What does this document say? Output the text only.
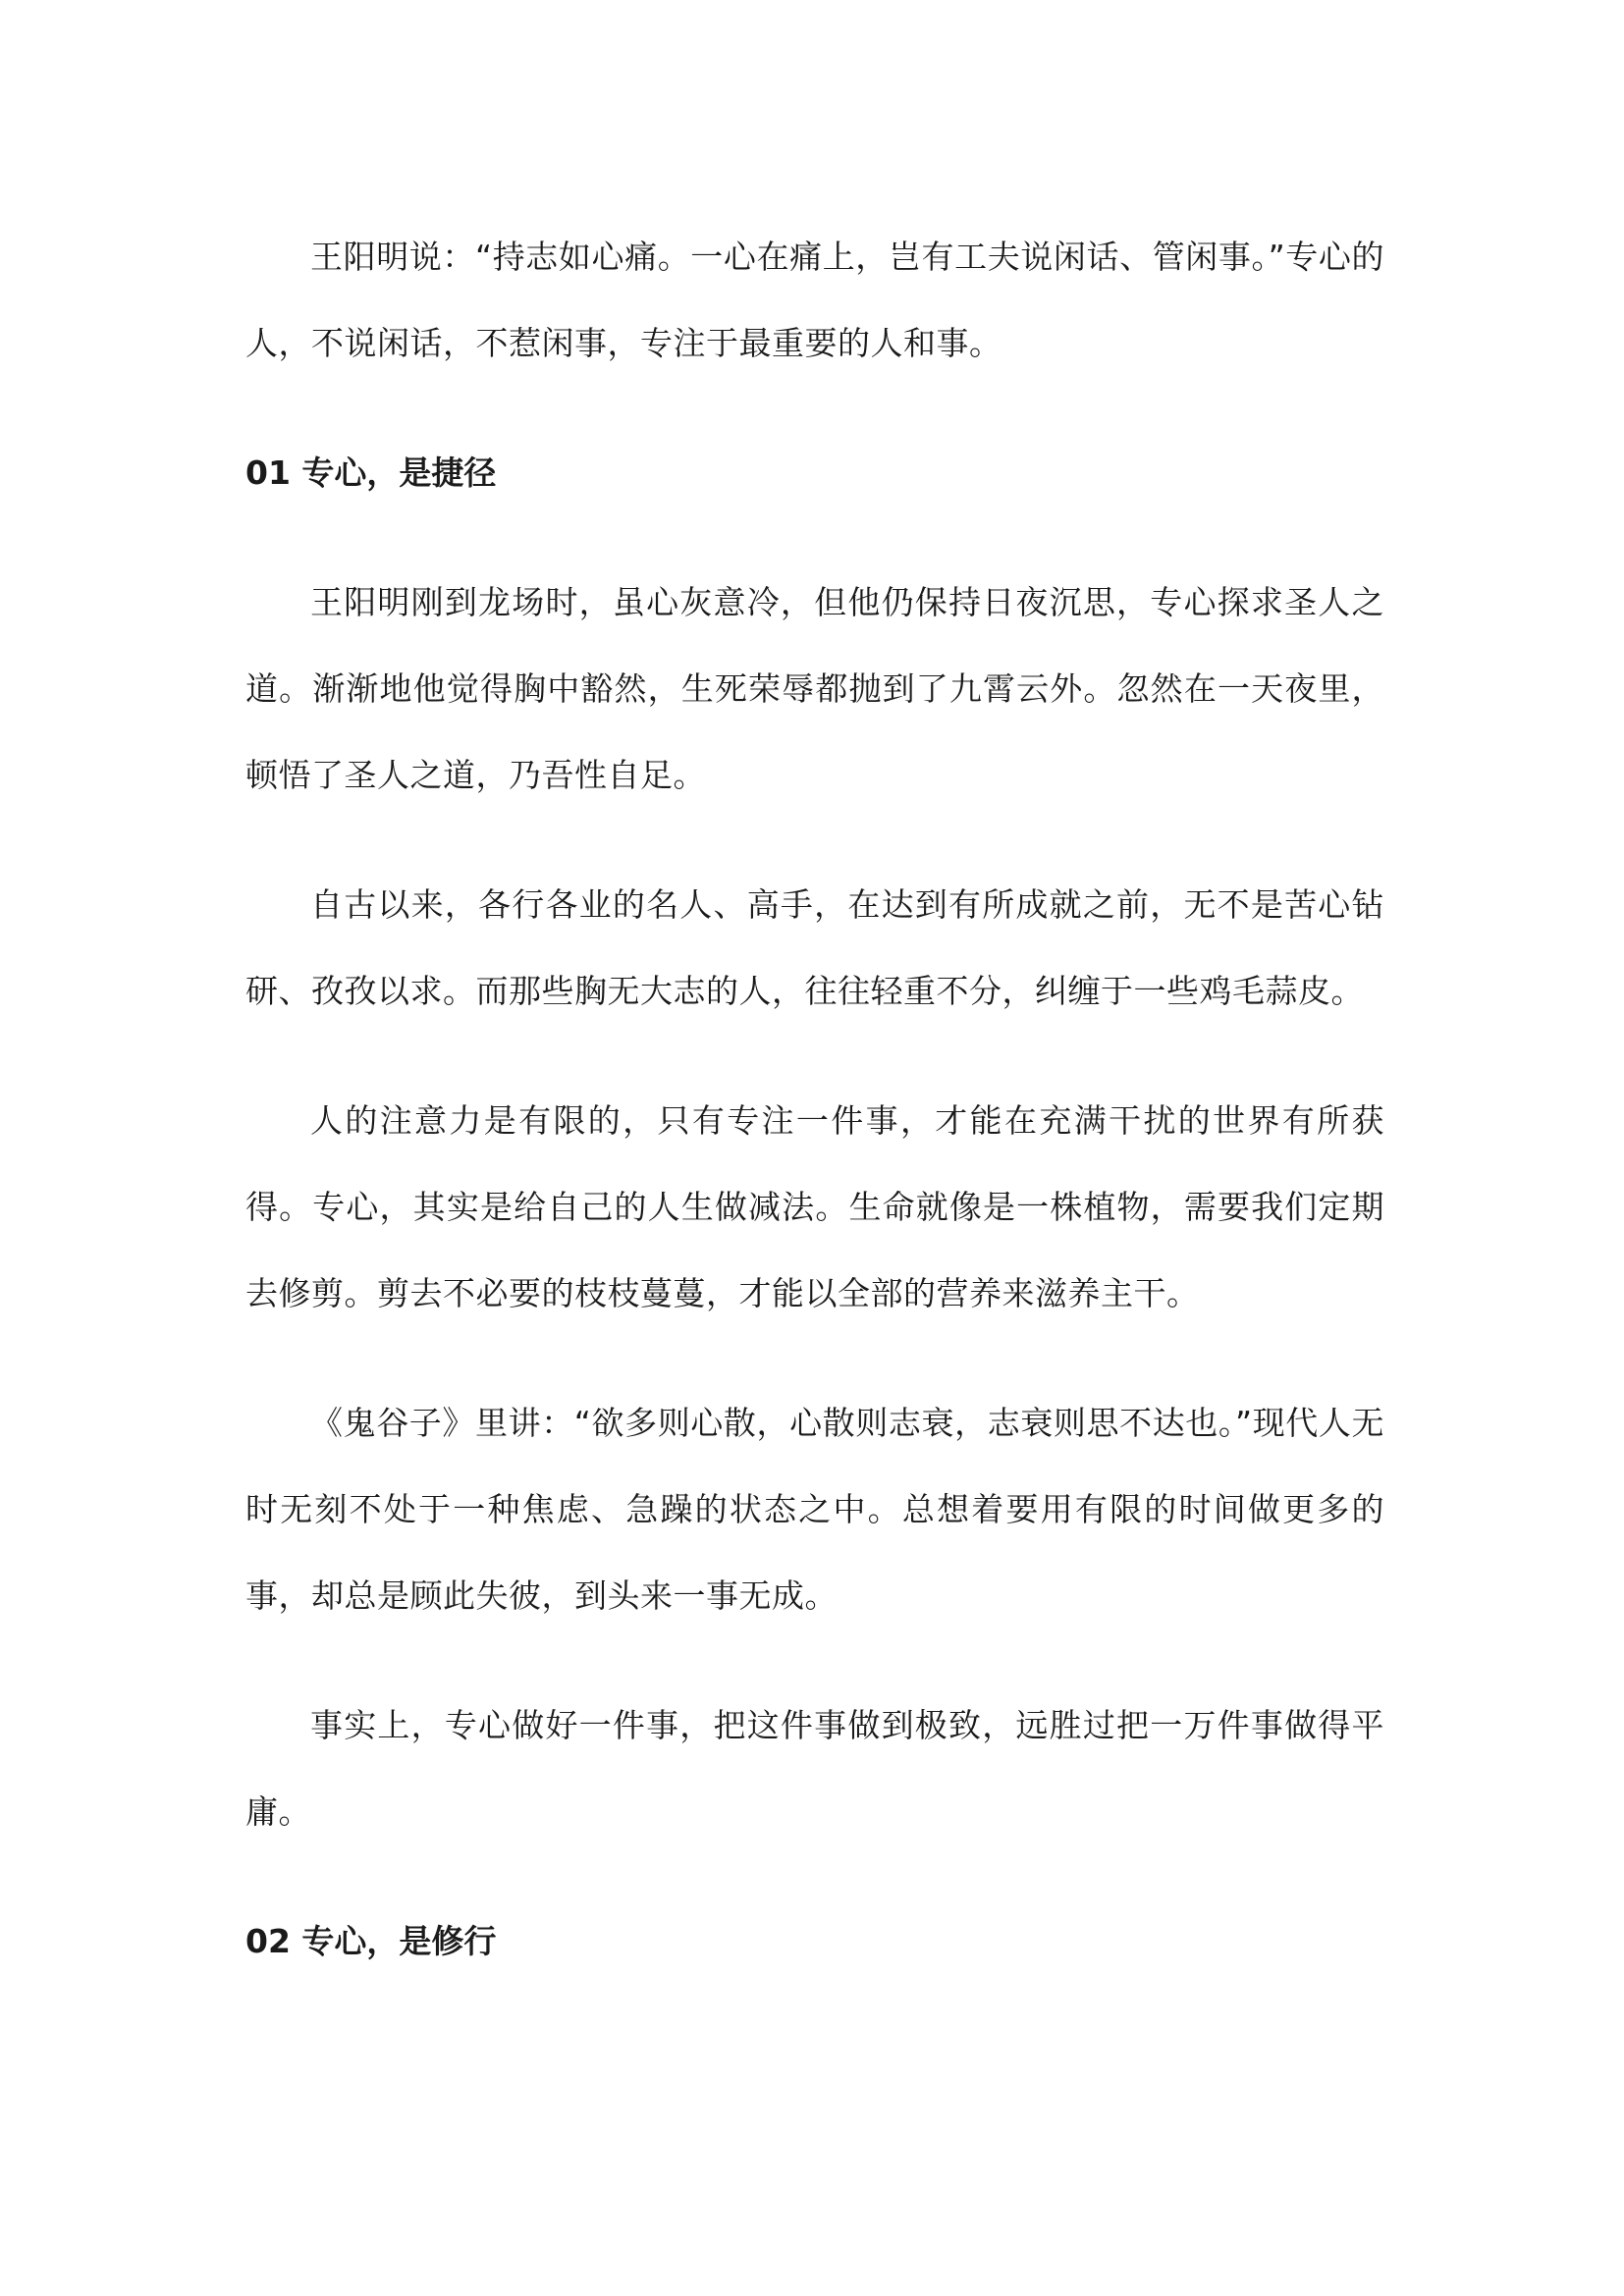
王阳明说：“持志如心痛。一心在痛上，岂有工夫说闲话、管闲事。”专心的人，不说闲话，不惹闲事，专注于最重要的人和事。

01 专心，是捷径

王阳明刚到龙场时，虽心灰意冷，但他仍保持日夜沉思，专心探求圣人之道。渐渐地他觉得胸中豁然，生死荣辱都抛到了九霄云外。忽然在一天夜里，顿悟了圣人之道，乃吾性自足。

自古以来，各行各业的名人、高手，在达到有所成就之前，无不是苦心钻研、孜孜以求。而那些胸无大志的人，往往轻重不分，纠缠于一些鸡毛蒜皮。

人的注意力是有限的，只有专注一件事，才能在充满干扰的世界有所获得。专心，其实是给自己的人生做减法。生命就像是一株植物，需要我们定期去修剪。剪去不必要的枝枝蔓蔓，才能以全部的营养来滋养主干。

《鬼谷子》里讲：“欲多则心散，心散则志衰，志衰则思不达也。”现代人无时无刻不处于一种焦虑、急躁的状态之中。总想着要用有限的时间做更多的事，却总是顾此失彼，到头来一事无成。

事实上，专心做好一件事，把这件事做到极致，远胜过把一万件事做得平庸。

02 专心，是修行
